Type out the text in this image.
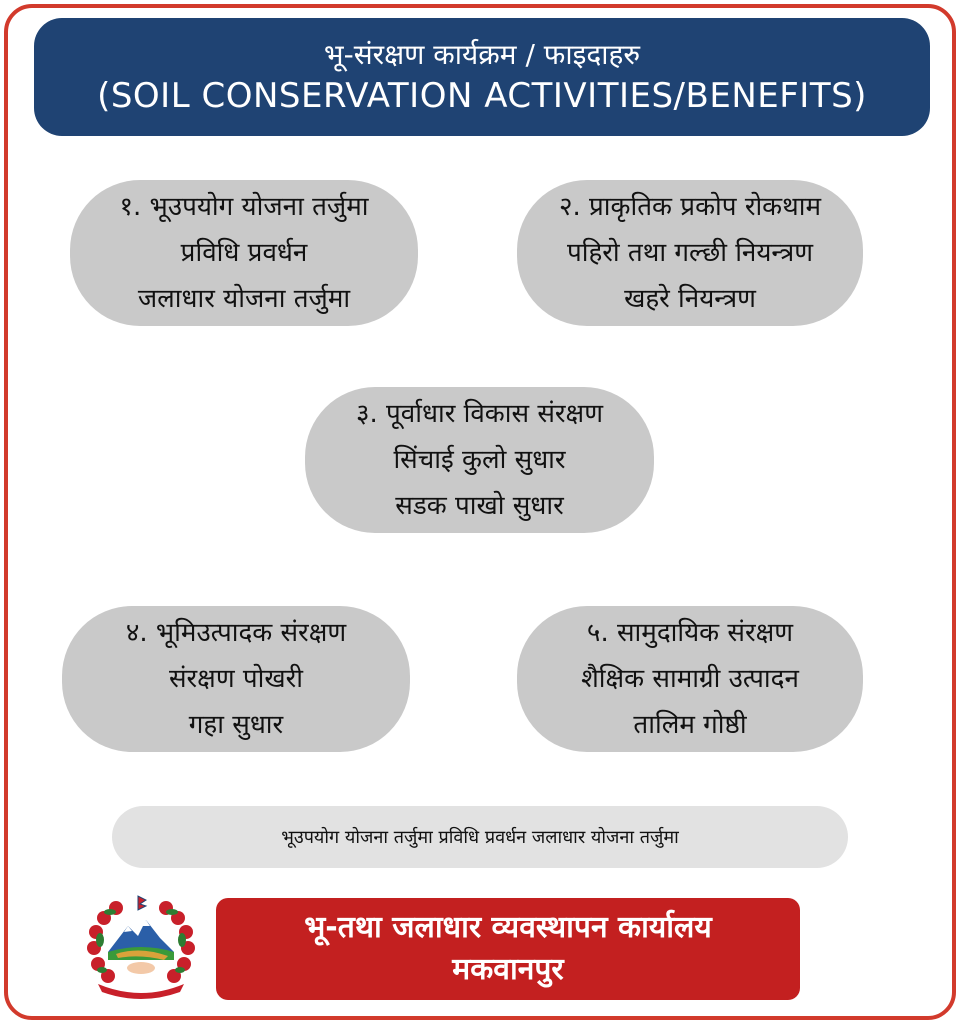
भू-संरक्षण कार्यक्रम / फाइदाहरु
(SOIL CONSERVATION ACTIVITIES/BENEFITS)
१. भूउपयोग योजना तर्जुमा
प्रविधि प्रवर्धन
जलाधार योजना तर्जुमा
२. प्राकृतिक प्रकोप रोकथाम
पहिरो तथा गल्छी नियन्त्रण
खहरे नियन्त्रण
३. पूर्वाधार विकास संरक्षण
सिंचाई कुलो सुधार
सडक पाखो सुधार
४. भूमिउत्पादक संरक्षण
संरक्षण पोखरी
गहा सुधार
५. सामुदायिक संरक्षण
शैक्षिक सामाग्री उत्पादन
तालिम गोष्ठी
भूउपयोग योजना तर्जुमा प्रविधि प्रवर्धन जलाधार योजना तर्जुमा
भू-तथा जलाधार व्यवस्थापन कार्यालय
मकवानपुर
